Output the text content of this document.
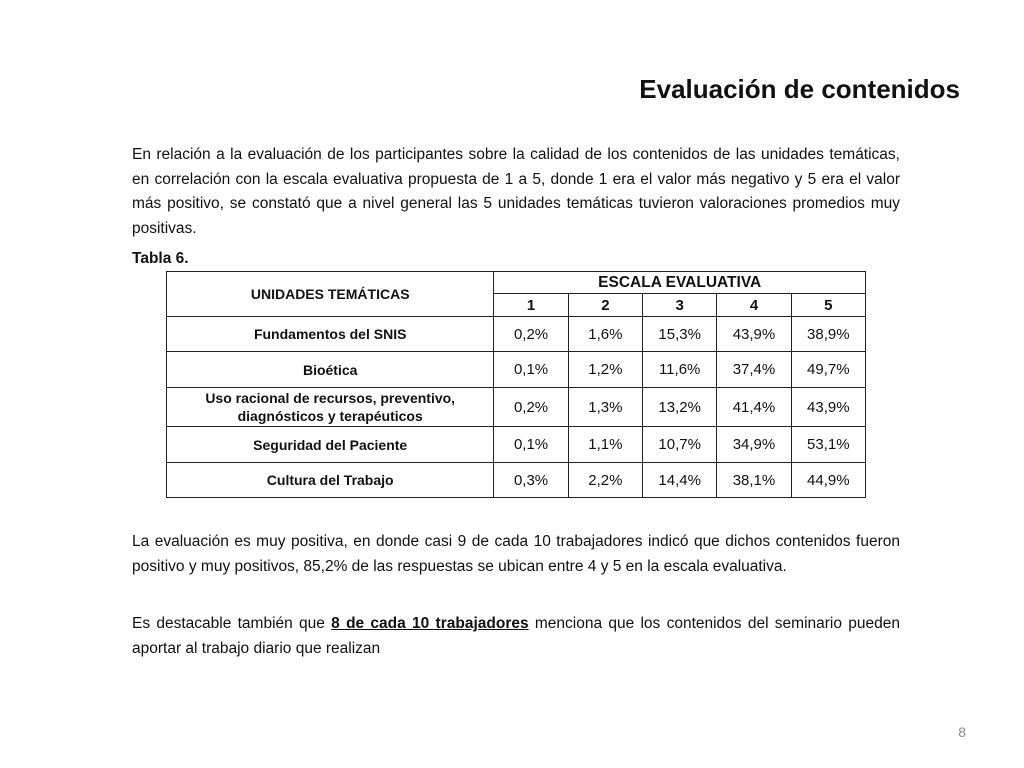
Evaluación de contenidos

En relación a la evaluación de los participantes sobre la calidad de los contenidos de las unidades temáticas, en correlación con la escala evaluativa propuesta de 1 a 5, donde 1 era el valor más negativo y 5 era el valor más positivo, se constató que a nivel general las 5 unidades temáticas tuvieron valoraciones promedios muy positivas.

Tabla 6.

UNIDADES TEMÁTICAS	ESCALA EVALUATIVA				
	1	2	3	4	5
Fundamentos del SNIS	0,2%	1,6%	15,3%	43,9%	38,9%
Bioética	0,1%	1,2%	11,6%	37,4%	49,7%
Uso racional de recursos, preventivo, diagnósticos y terapéuticos	0,2%	1,3%	13,2%	41,4%	43,9%
Seguridad del Paciente	0,1%	1,1%	10,7%	34,9%	53,1%
Cultura del Trabajo	0,3%	2,2%	14,4%	38,1%	44,9%

La evaluación es muy positiva, en donde casi 9 de cada 10 trabajadores indicó que dichos contenidos fueron positivo y muy positivos, 85,2% de las respuestas se ubican entre 4 y 5 en la escala evaluativa.

Es destacable también que 8 de cada 10 trabajadores menciona que los contenidos del seminario pueden aportar al trabajo diario que realizan

8
